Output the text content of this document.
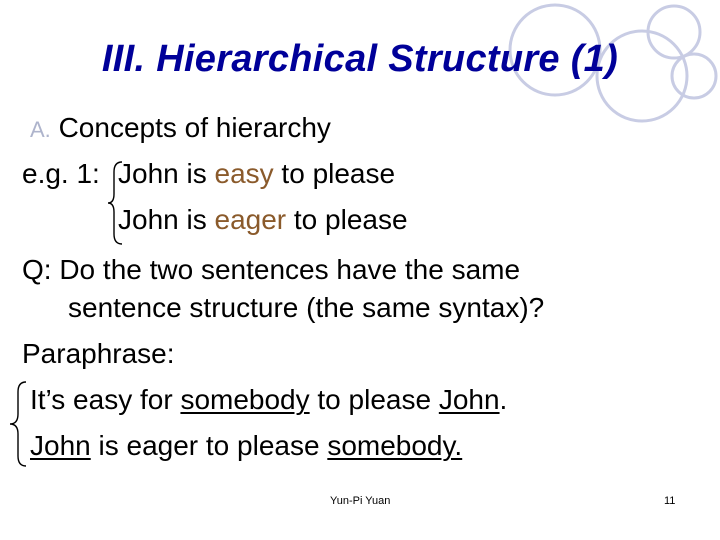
III. Hierarchical Structure (1)
A. Concepts of hierarchy
e.g. 1: John is easy to please
John is eager to please
Q: Do the two sentences have the same
sentence structure (the same syntax)?
Paraphrase:
It’s easy for somebody to please John.
John is eager to please somebody.
Yun-Pi Yuan	11
